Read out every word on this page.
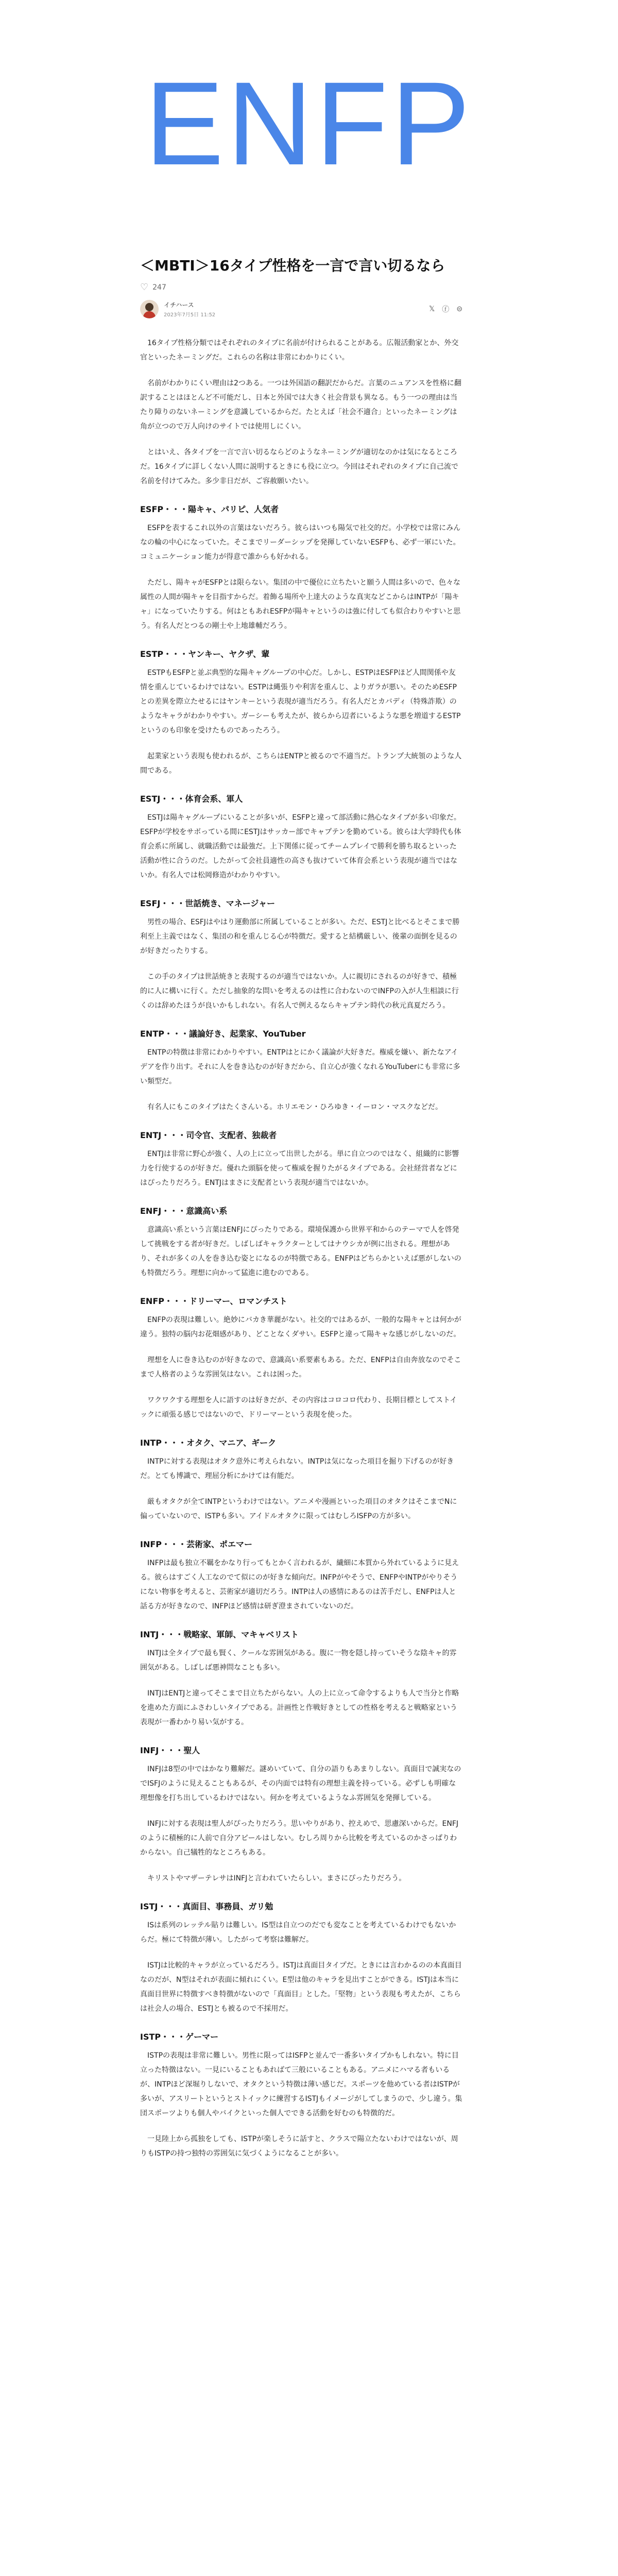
ENFP
＜MBTI＞16タイプ性格を一言で言い切るなら
♡ 247
イチハース
2023年7月5日 11:52
𝕏 ⓕ ⊝

16タイプ性格分類ではそれぞれのタイプに名前が付けられることがある。広報活動家とか、外交官といったネーミングだ。これらの名称は非常にわかりにくい。

名前がわかりにくい理由は2つある。一つは外国語の翻訳だからだ。言葉のニュアンスを性格に翻訳することはほとんど不可能だし、日本と外国では大きく社会背景も異なる。もう一つの理由は当たり障りのないネーミングを意識しているからだ。たとえば「社会不適合」といったネーミングは角が立つので万人向けのサイトでは使用しにくい。

とはいえ、各タイプを一言で言い切るならどのようなネーミングが適切なのかは気になるところだ。16タイプに詳しくない人間に説明するときにも役に立つ。今回はそれぞれのタイプに自己流で名前を付けてみた。多少非日だが、ご容赦願いたい。

ESFP・・・陽キャ、パリピ、人気者

ESFPを表するこれ以外の言葉はないだろう。彼らはいつも陽気で社交的だ。小学校では常にみんなの輪の中心になっていた。そこまでリーダーシップを発揮していないESFPも、必ず一軍にいた。コミュニケーション能力が得意で誰からも好かれる。

ただし、陽キャがESFPとは限らない。集団の中で優位に立ちたいと願う人間は多いので、色々な属性の人間が陽キャを目指すからだ。着飾る場所や上達大のような真実などこからはINTPが「陽キャ」になっていたりする。何はともあれESFPが陽キャというのは強に付しても似合わりやすいと思う。有名人だとつるの剛士や上地雄輔だろう。

ESTP・・・ヤンキー、ヤクザ、輩

ESTPもESFPと並ぶ典型的な陽キャグループの中心だ。しかし、ESTPはESFPほど人間関係や友情を重んじているわけではない。ESTPは縄張りや利害を重んじ、よりガラが悪い。そのためESFPとの差異を際立たせるにはヤンキーという表現が適当だろう。有名人だとカバディ（特殊詐欺）のようなキャラがわかりやすい。ガーシーも考えたが、彼らから辺者にいるような悪を増道するESTPというのも印象を受けたものであったろう。

起業家という表現も使われるが、こちらはENTPと被るので不適当だ。トランプ大統領のような人間である。

ESTJ・・・体育会系、軍人

ESTJは陽キャグループにいることが多いが、ESFPと違って部活動に熱心なタイプが多い印象だ。ESFPが学校をサボっている間にESTJはサッカー部でキャプテンを勤めている。彼らは大学時代も体育会系に所属し、就職活動では最強だ。上下関係に従ってチームプレイで勝利を勝ち取るといった活動が性に合うのだ。したがって会社員適性の高さも抜けていて体育会系という表現が適当ではないか。有名人では松岡修造がわかりやすい。

ESFJ・・・世話焼き、マネージャー

男性の場合、ESFJはやはり運動部に所属していることが多い。ただ、ESTJと比べるとそこまで勝利至上主義ではなく、集団の和を重んじる心が特徴だ。愛すると結構厳しい、後輩の面倒を見るのが好きだったりする。

この手のタイプは世話焼きと表現するのが適当ではないか。人に親切にされるのが好きで、積極的に人に構いに行く。ただし抽象的な問いを考えるのは性に合わないのでINFPの入が人生相談に行くのは辞めたほうが良いかもしれない。有名人で例えるならキャプテン時代の秋元真夏だろう。

ENTP・・・議論好き、起業家、YouTuber

ENTPの特徴は非常にわかりやすい。ENTPはとにかく議論が大好きだ。権威を嫌い、新たなアイデアを作り出す。それに人を巻き込むのが好きだから、自立心が強くなれるYouTuberにも非常に多い類型だ。

有名人にもこのタイプはたくさんいる。ホリエモン・ひろゆき・イーロン・マスクなどだ。

ENTJ・・・司令官、支配者、独裁者

ENTJは非常に野心が強く、人の上に立って出世したがる。単に自立つのではなく、組織的に影響力を行使するのが好きだ。優れた頭脳を使って権威を握りたがるタイプである。会社経営者などにはぴったりだろう。ENTJはまさに支配者という表現が適当ではないか。

ENFJ・・・意識高い系

意識高い系という言葉はENFJにぴったりである。環境保護から世界平和からのテーマで人を啓発して挑戦をする者が好きだ。しばしばキャラクターとしてはナウシカが例に出される。理想があり、それが多くの人を巻き込む姿とになるのが特徴である。ENFPはどちらかといえば悪がしないのも特徴だろう。理想に向かって猛進に進むのである。

ENFP・・・ドリーマー、ロマンチスト

ENFPの表現は難しい。絶妙にバカき華麗がない。社交的ではあるが、一般的な陽キャとは何かが違う。独特の脳内お花畑感があり、どことなくダサい。ESFPと違って陽キャな感じがしないのだ。

理想を人に巻き込むのが好きなので、意識高い系要素もある。ただ、ENFPは自由奔放なのでそこまで人格者のような雰囲気はない。これは困った。

ワクワクする理想を人に語すのは好きだが、その内容はコロコロ代わり、長期目標としてストイックに頑張る感じではないので、ドリーマーという表現を使った。

INTP・・・オタク、マニア、ギーク

INTPに対する表現はオタク意外に考えられない。INTPは気になった項目を掘り下げるのが好きだ。とても博識で、理屈分析にかけては有能だ。

厳もオタクが全てINTPというわけではない。アニメや漫画といった項目のオタクはそこまでNに偏っていないので、ISTPも多い。アイドルオタクに限ってはむしろISFPの方が多い。

INFP・・・芸術家、ポエマー

INFPは最も独立不羈をかなり行ってもとかく言われるが、繊細に本質から外れているように見える。彼らはすごく人工なのでて似にのが好きな傾向だ。INFPがやそうで、ENFPやINTPがやりそうにない物事を考えると、芸術家が適切だろう。INTPは人の感情にあるのは苦手だし、ENFPは人と話る方が好きなので、INFPほど感情は研ぎ澄まされていないのだ。

INTJ・・・戦略家、軍師、マキャベリスト

INTJは全タイプで最も賢く、クールな雰囲気がある。腹に一物を隠し持っていそうな陰キャ的雰囲気がある。しばしば悪神問なことも多い。

INTJはENTJと違ってそこまで目立ちたがらない。人の上に立って命令するよりも人で当分と作略を進めた方面にふさわしいタイプである。計画性と作戦好きとしての性格を考えると戦略家という表現が一番わかり易い気がする。

INFJ・・・聖人

INFJは8型の中ではかなり難解だ。謎めいていて、自分の語りもあまりしない。真面目で誠実なのでISFJのように見えることもあるが、その内面では特有の理想主義を持っている。必ずしも明確な理想像を打ち出しているわけではない。何かを考えているようなふ雰囲気を発揮している。

INFJに対する表現は聖人がぴったりだろう。思いやりがあり、控えめで、思慮深いからだ。ENFJのように積極的に人前で自分アピールはしない。むしろ周りから比較を考えているのかさっぱりわからない。自己犠牲的なところもある。

キリストやマザーテレサはINFJと言われていたらしい。まさにぴったりだろう。

ISTJ・・・真面目、事務員、ガリ勉

ISは系列のレッテル貼りは難しい。IS型は自立つのだでも変なことを考えているわけでもないからだ。極にて特徴が薄い。したがって考察は難解だ。

ISTJは比較的キャラが立っているだろう。ISTJは真面目タイプだ。ときには言わかるのの本真面目なのだが、N型はそれが表面に傾れにくい。E型は他のキャラを見出すことができる。ISTJは本当に真面目世界に特徴すべき特徴がないので「真面目」とした。「堅物」という表現も考えたが、こちらは社会人の場合、ESTJとも被るので不採用だ。

ISTP・・・ゲーマー

ISTPの表現は非常に難しい。男性に限ってはISFPと並んで一番多いタイプかもしれない。特に目立った特徴はない。一見にいることもあればて三般にいることもある。アニメにハマる者もいるが、INTPほど深堀りしないで、オタクという特徴は薄い感じだ。スポーツを他めている者はISTPが多いが、アスリートというとストイックに練習するISTJもイメージがしてしまうので、少し違う。集団スポーツよりも個人やバイクといった個人でできる活動を好むのも特徴的だ。

一見陸上から孤独をしても、ISTPが楽しそうに話すと、クラスで陽立たないわけではないが、周りもISTPの持つ独特の雰囲気に気づくようになることが多い。
